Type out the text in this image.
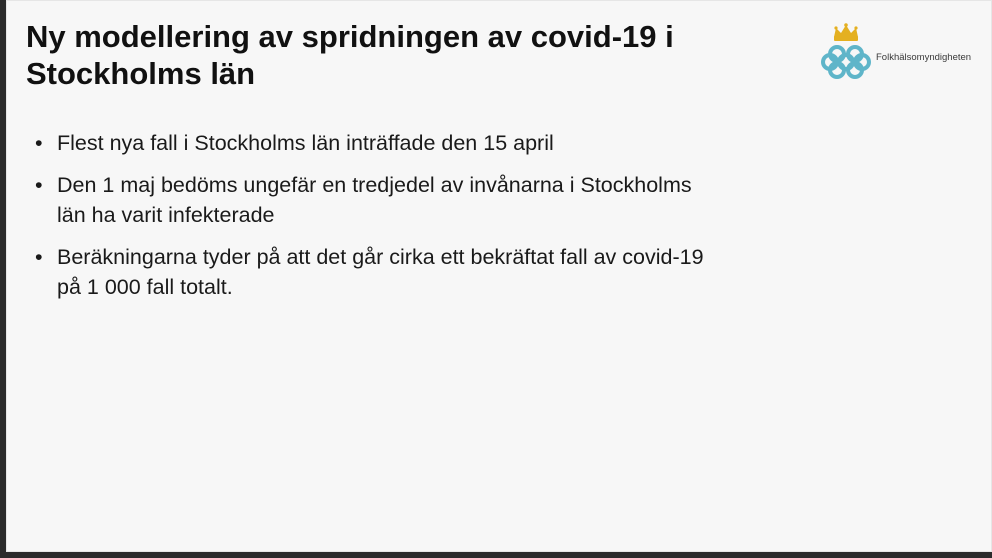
Ny modellering av spridningen av covid-19 i Stockholms län	Folkhälsomyndigheten
• Flest nya fall i Stockholms län inträffade den 15 april
• Den 1 maj bedöms ungefär en tredjedel av invånarna i Stockholms län ha varit infekterade
• Beräkningarna tyder på att det går cirka ett bekräftat fall av covid-19 på 1 000 fall totalt.
